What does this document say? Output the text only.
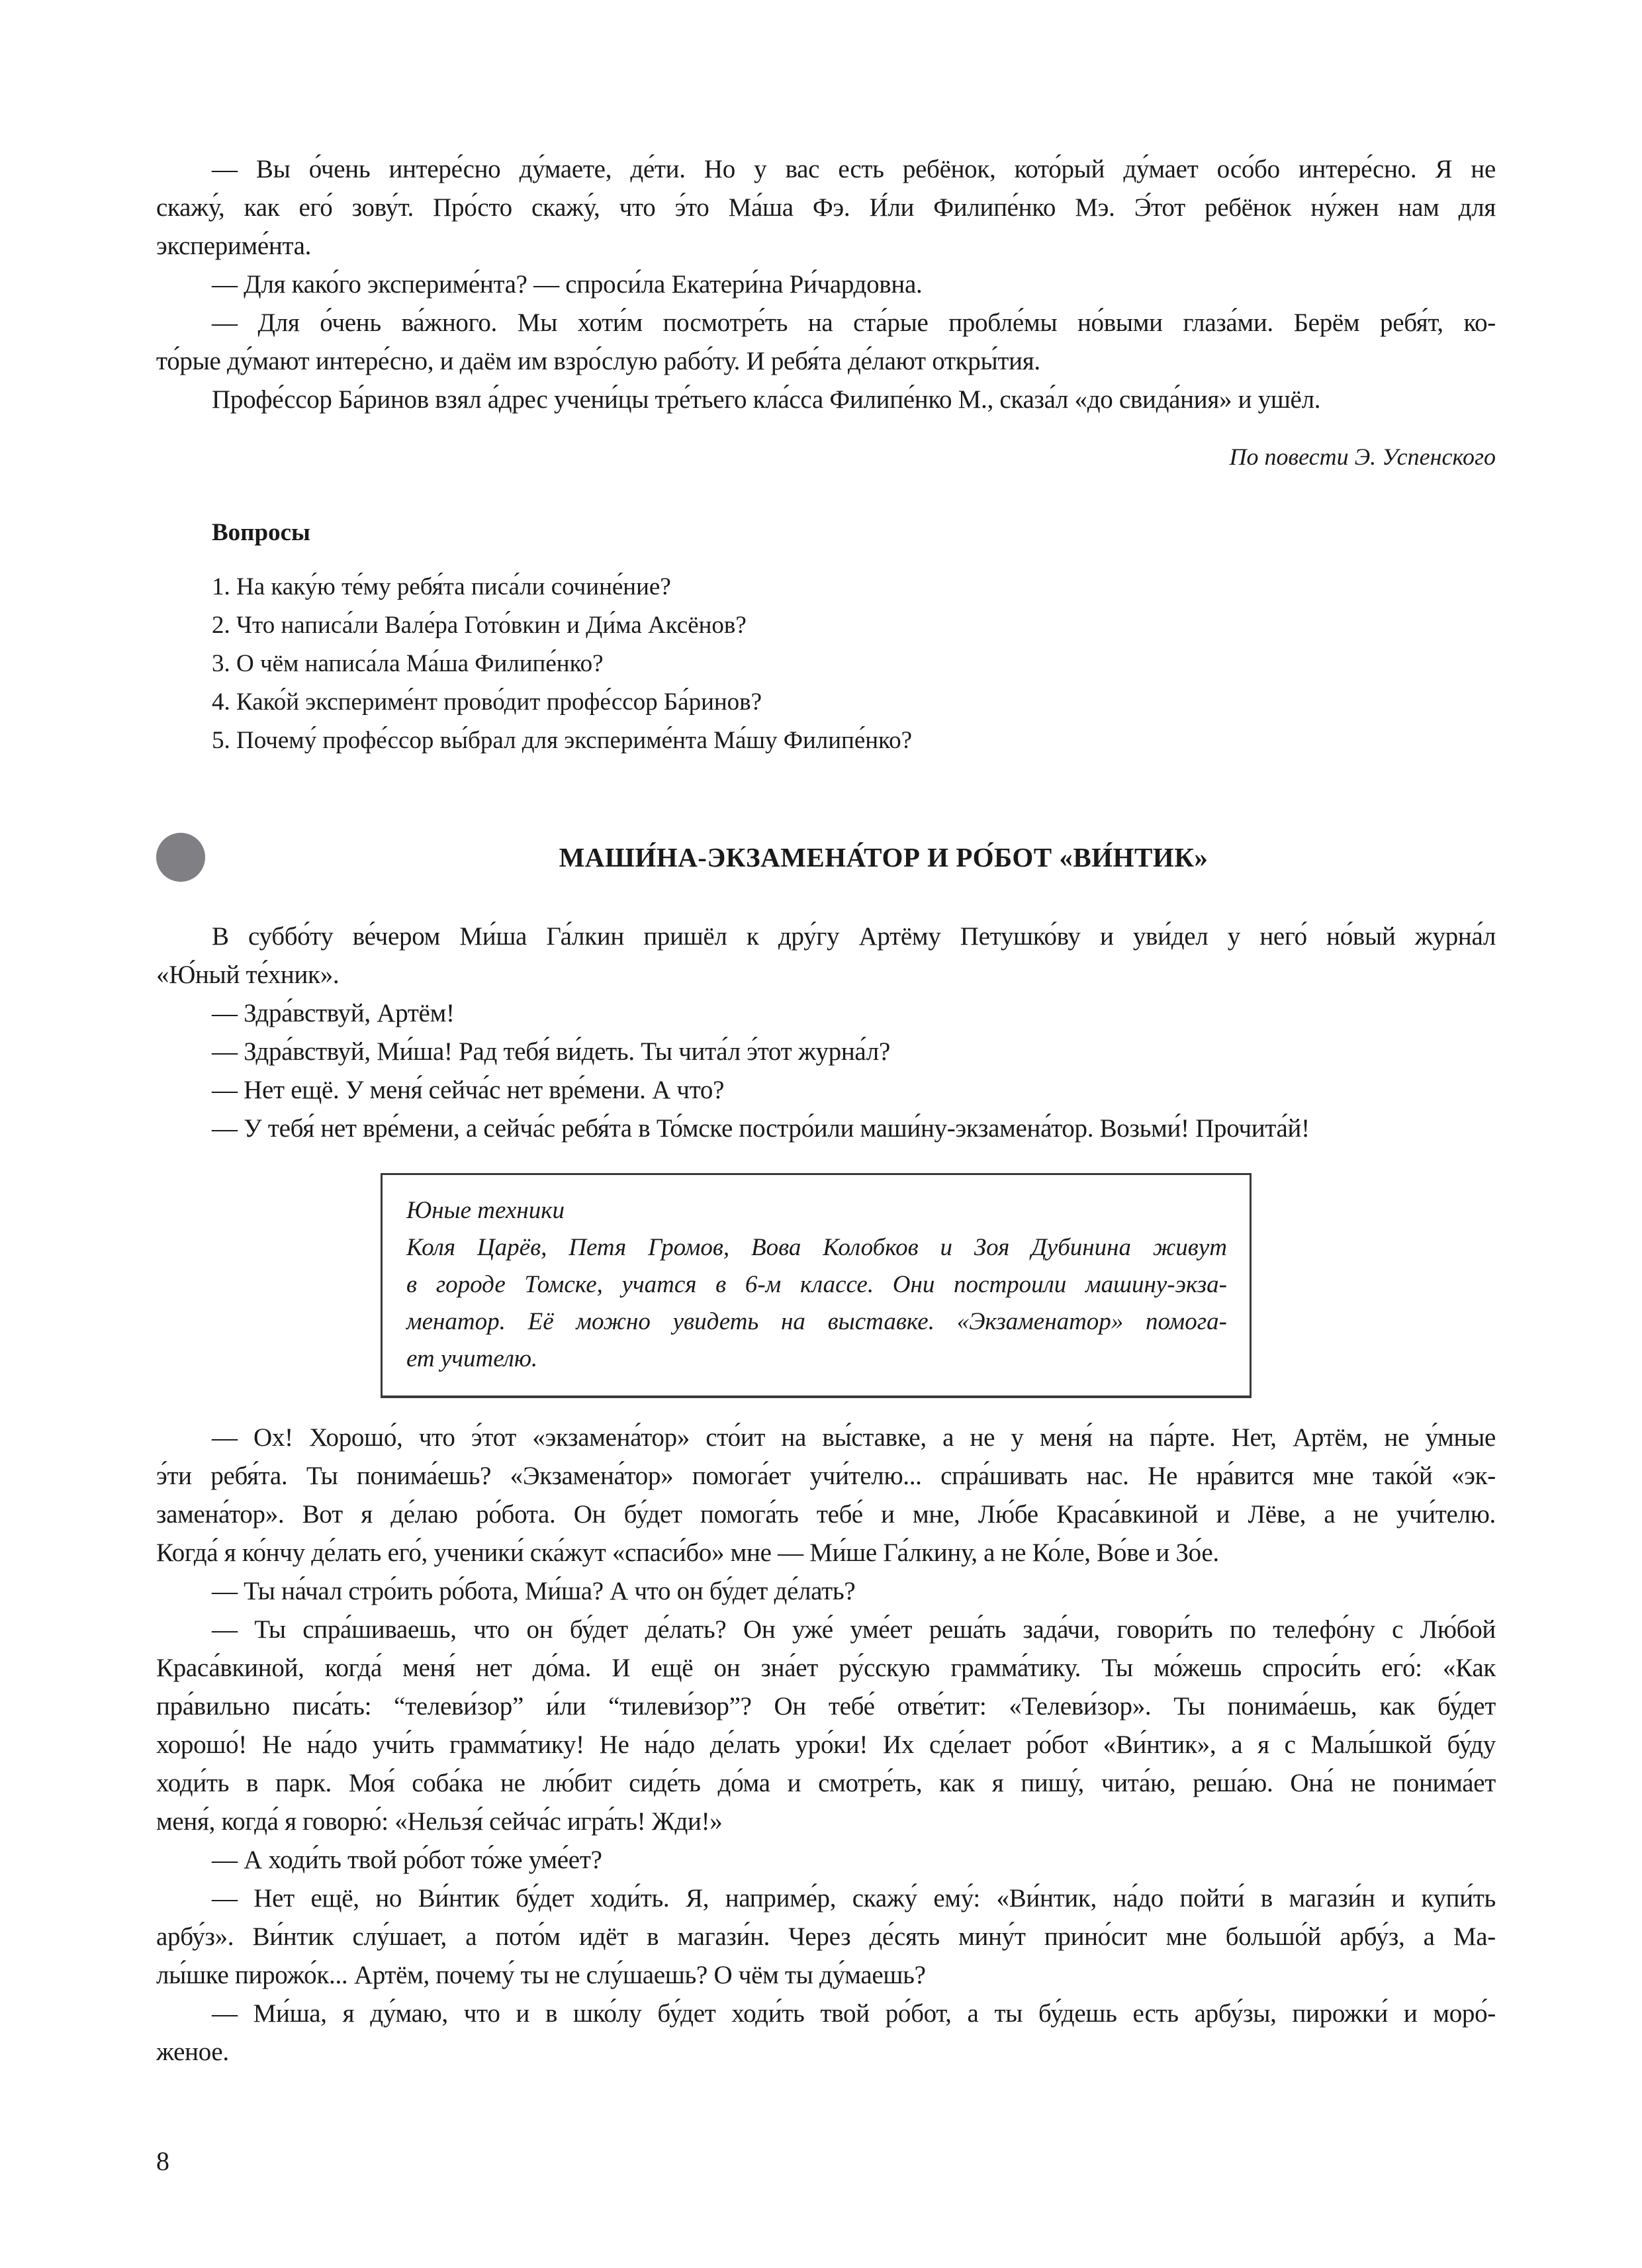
— Вы о́чень интере́сно ду́маете, де́ти. Но у вас есть ребёнок, кото́рый ду́мает осо́бо интере́сно. Я не
скажу́, как его́ зову́т. Про́сто скажу́, что э́то Ма́ша Фэ. И́ли Филипе́нко Мэ. Э́тот ребёнок ну́жен нам для
экспериме́нта.
— Для како́го экспериме́нта? — спроси́ла Екатери́на Ри́чардовна.
— Для о́чень ва́жного. Мы хоти́м посмотре́ть на ста́рые пробле́мы но́выми глаза́ми. Берём ребя́т, ко-
то́рые ду́мают интере́сно, и даём им взро́слую рабо́ту. И ребя́та де́лают откры́тия.
Профе́ссор Ба́ринов взял а́дрес учени́цы тре́тьего кла́сса Филипе́нко М., сказа́л «до свида́ния» и ушёл.
По повести Э. Успенского
Вопросы
1. На каку́ю те́му ребя́та писа́ли сочине́ние?
2. Что написа́ли Вале́ра Гото́вкин и Ди́ма Аксёнов?
3. О чём написа́ла Ма́ша Филипе́нко?
4. Како́й экспериме́нт прово́дит профе́ссор Ба́ринов?
5. Почему́ профе́ссор вы́брал для экспериме́нта Ма́шу Филипе́нко?
МАШИ́НА-ЭКЗАМЕНА́ТОР И РО́БОТ «ВИ́НТИК»
В суббо́ту ве́чером Ми́ша Га́лкин пришёл к дру́гу Артёму Петушко́ву и уви́дел у него́ но́вый журна́л
«Ю́ный те́хник».
— Здра́вствуй, Артём!
— Здра́вствуй, Ми́ша! Рад тебя́ ви́деть. Ты чита́л э́тот журна́л?
— Нет ещё. У меня́ сейча́с нет вре́мени. А что?
— У тебя́ нет вре́мени, а сейча́с ребя́та в То́мске постро́или маши́ну-экзамена́тор. Возьми́! Прочита́й!
Юные техники
Коля Царёв, Петя Громов, Вова Колобков и Зоя Дубинина живут
в городе Томске, учатся в 6-м классе. Они построили машину-экза-
менатор. Её можно увидеть на выставке. «Экзаменатор» помога-
ет учителю.
— Ох! Хорошо́, что э́тот «экзамена́тор» сто́ит на вы́ставке, а не у меня́ на па́рте. Нет, Артём, не у́мные
э́ти ребя́та. Ты понима́ешь? «Экзамена́тор» помога́ет учи́телю... спра́шивать нас. Не нра́вится мне тако́й «эк-
замена́тор». Вот я де́лаю ро́бота. Он бу́дет помога́ть тебе́ и мне, Лю́бе Краса́вкиной и Лёве, а не учи́телю.
Когда́ я ко́нчу де́лать его́, ученики́ ска́жут «спаси́бо» мне — Ми́ше Га́лкину, а не Ко́ле, Во́ве и Зо́е.
— Ты на́чал стро́ить ро́бота, Ми́ша? А что он бу́дет де́лать?
— Ты спра́шиваешь, что он бу́дет де́лать? Он уже́ уме́ет реша́ть зада́чи, говори́ть по телефо́ну с Лю́бой
Краса́вкиной, когда́ меня́ нет до́ма. И ещё он зна́ет ру́сскую грамма́тику. Ты мо́жешь спроси́ть его́: «Как
пра́вильно писа́ть: “телеви́зор” и́ли “тилеви́зор”? Он тебе́ отве́тит: «Телеви́зор». Ты понима́ешь, как бу́дет
хорошо́! Не на́до учи́ть грамма́тику! Не на́до де́лать уро́ки! Их сде́лает ро́бот «Ви́нтик», а я с Малы́шкой бу́ду
ходи́ть в парк. Моя́ соба́ка не лю́бит сиде́ть до́ма и смотре́ть, как я пишу́, чита́ю, реша́ю. Она́ не понима́ет
меня́, когда́ я говорю́: «Нельзя́ сейча́с игра́ть! Жди!»
— А ходи́ть твой ро́бот то́же уме́ет?
— Нет ещё, но Ви́нтик бу́дет ходи́ть. Я, наприме́р, скажу́ ему́: «Ви́нтик, на́до пойти́ в магази́н и купи́ть
арбу́з». Ви́нтик слу́шает, а пото́м идёт в магази́н. Через де́сять мину́т прино́сит мне большо́й арбу́з, а Ма-
лы́шке пирожо́к... Артём, почему́ ты не слу́шаешь? О чём ты ду́маешь?
— Ми́ша, я ду́маю, что и в шко́лу бу́дет ходи́ть твой ро́бот, а ты бу́дешь есть арбу́зы, пирожки́ и моро́-
женое.
8
